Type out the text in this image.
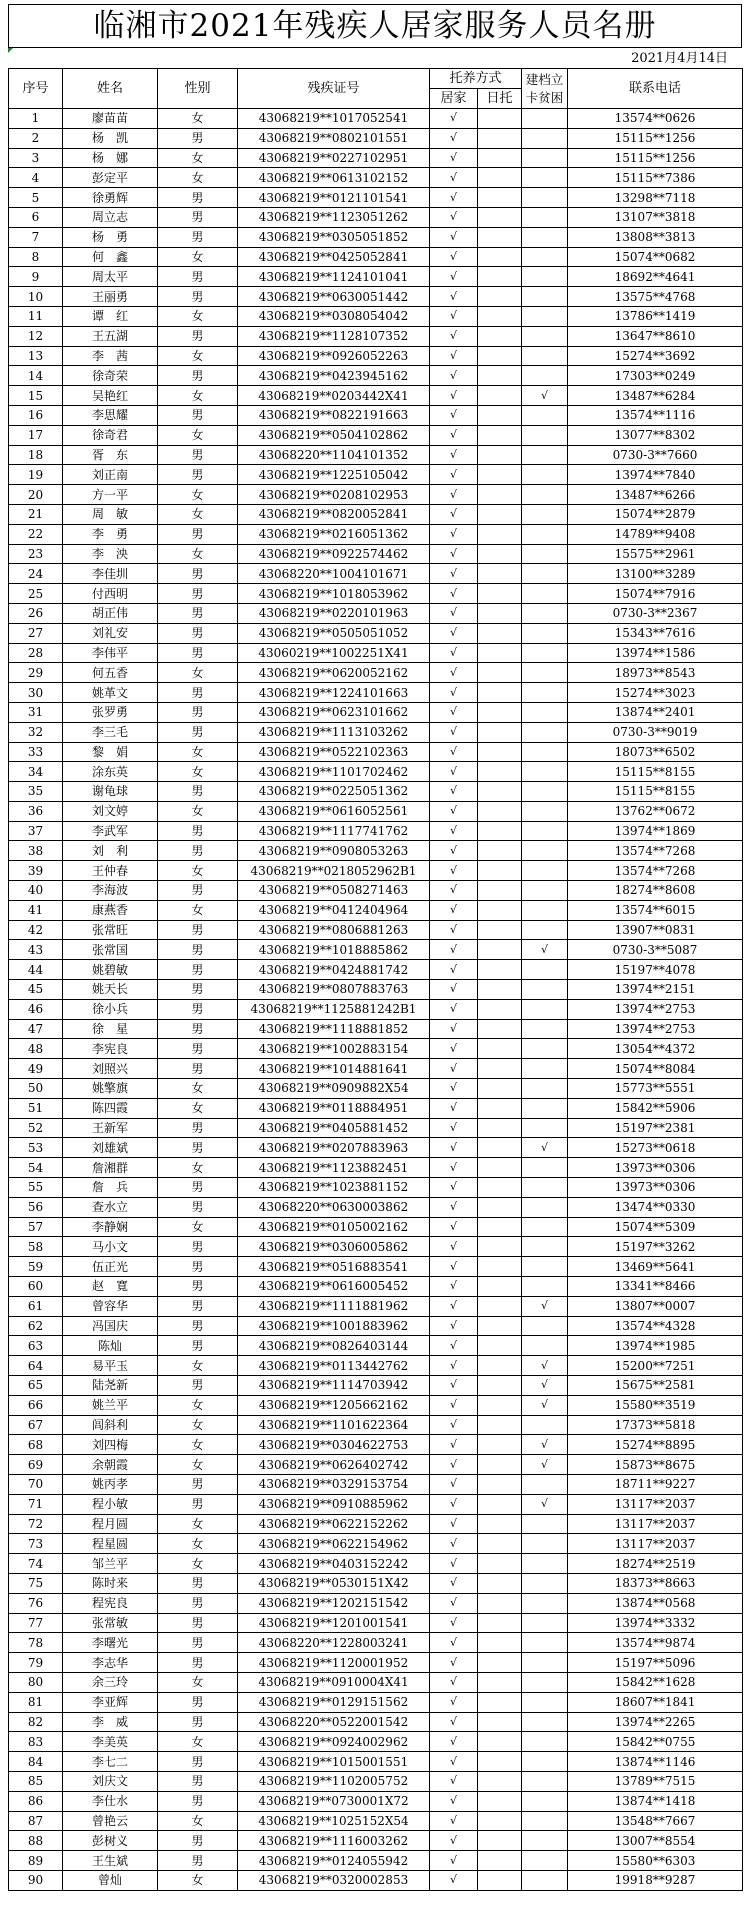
临湘市2021年残疾人居家服务人员名册
2021月4月14日
序号	姓名	性别	残疾证号	托养方式		建档立卡贫困	联系电话
				居家	日托		
1	廖苗苗	女	43068219**1017052541	√			13574**0626
2	杨　凯	男	43068219**0802101551	√			15115**1256
3	杨　娜	女	43068219**0227102951	√			15115**1256
4	彭定平	女	43068219**0613102152	√			15115**7386
5	徐勇辉	男	43068219**0121101541	√			13298**7118
6	周立志	男	43068219**1123051262	√			13107**3818
7	杨　勇	男	43068219**0305051852	√			13808**3813
8	何　鑫	女	43068219**0425052841	√			15074**0682
9	周太平	男	43068219**1124101041	√			18692**4641
10	王丽勇	男	43068219**0630051442	√			13575**4768
11	谭　红	女	43068219**0308054042	√			13786**1419
12	王五湖	男	43068219**1128107352	√			13647**8610
13	李　茜	女	43068219**0926052263	√			15274**3692
14	徐奇荣	男	43068219**0423945162	√			17303**0249
15	吴艳红	女	43068219**0203442X41	√		√	13487**6284
16	李思耀	男	43068219**0822191663	√			13574**1116
17	徐奇君	女	43068219**0504102862	√			13077**8302
18	胥　东	男	43068220**1104101352	√			0730-3**7660
19	刘正南	男	43068219**1225105042	√			13974**7840
20	方一平	女	43068219**0208102953	√			13487**6266
21	周　敏	女	43068219**0820052841	√			15074**2879
22	李　勇	男	43068219**0216051362	√			14789**9408
23	李　泱	女	43068219**0922574462	√			15575**2961
24	李佳圳	男	43068220**1004101671	√			13100**3289
25	付西明	男	43068219**1018053962	√			15074**7916
26	胡正伟	男	43068219**0220101963	√			0730-3**2367
27	刘礼安	男	43068219**0505051052	√			15343**7616
28	李伟平	男	43060219**1002251X41	√			13974**1586
29	何五香	女	43068219**0620052162	√			18973**8543
30	姚革文	男	43068219**1224101663	√			15274**3023
31	张罗勇	男	43068219**0623101662	√			13874**2401
32	李三毛	男	43068219**1113103262	√			0730-3**9019
33	黎　娟	女	43068219**0522102363	√			18073**6502
34	涂东英	女	43068219**1101702462	√			15115**8155
35	谢龟球	男	43068219**0225051362	√			15115**8155
36	刘文婷	女	43068219**0616052561	√			13762**0672
37	李武军	男	43068219**1117741762	√			13974**1869
38	刘　利	男	43068219**0908053263	√			13574**7268
39	王仲春	女	43068219**0218052962B1	√			13574**7268
40	李海波	男	43068219**0508271463	√			18274**8608
41	康燕香	女	43068219**0412404964	√			13574**6015
42	张常旺	男	43068219**0806881263	√			13907**0831
43	张常国	男	43068219**1018885862	√		√	0730-3**5087
44	姚碧敏	男	43068219**0424881742	√			15197**4078
45	姚天长	男	43068219**0807883763	√			13974**2151
46	徐小兵	男	43068219**1125881242B1	√			13974**2753
47	徐　星	男	43068219**1118881852	√			13974**2753
48	李宪良	男	43068219**1002883154	√			13054**4372
49	刘照兴	男	43068219**1014881641	√			15074**8084
50	姚擎旗	女	43068219**0909882X54	√			15773**5551
51	陈四霞	女	43068219**0118884951	√			15842**5906
52	王新军	男	43068219**0405881452	√			15197**2381
53	刘雄斌	男	43068219**0207883963	√		√	15273**0618
54	詹湘群	女	43068219**1123882451	√			13973**0306
55	詹　兵	男	43068219**1023881152	√			13973**0306
56	查水立	男	43068220**0630003862	√			13474**0330
57	李静娴	女	43068219**0105002162	√			15074**5309
58	马小文	男	43068219**0306005862	√			15197**3262
59	伍正光	男	43068219**0516883541	√			13469**5641
60	赵　寬	男	43068219**0616005452	√			13341**8466
61	曾容华	男	43068219**1111881962	√		√	13807**0007
62	冯国庆	男	43068219**1001883962	√			13574**4328
63	陈灿	男	43068219**0826403144	√			13974**1985
64	易平玉	女	43068219**0113442762	√		√	15200**7251
65	陆尧新	男	43068219**1114703942	√		√	15675**2581
66	姚兰平	女	43068219**1205662162	√		√	15580**3519
67	闾斜利	女	43068219**1101622364	√			17373**5818
68	刘四梅	女	43068219**0304622753	√		√	15274**8895
69	余朝霞	女	43068219**0626402742	√		√	15873**8675
70	姚丙孝	男	43068219**0329153754	√			18711**9227
71	程小敏	男	43068219**0910885962	√		√	13117**2037
72	程月圆	女	43068219**0622152262	√			13117**2037
73	程星圆	女	43068219**0622154962	√			13117**2037
74	邹兰平	女	43068219**0403152242	√			18274**2519
75	陈时来	男	43068219**0530151X42	√			18373**8663
76	程宪良	男	43068219**1202151542	√			13874**0568
77	张常敏	男	43068219**1201001541	√			13974**3332
78	李曙光	男	43068220**1228003241	√			13574**9874
79	李志华	男	43068219**1120001952	√			15197**5096
80	余三玲	女	43068219**0910004X41	√			15842**1628
81	李亚辉	男	43068219**0129151562	√			18607**1841
82	李　威	男	43068220**0522001542	√			13974**2265
83	李美英	女	43068219**0924002962	√			15842**0755
84	李七二	男	43068219**1015001551	√			13874**1146
85	刘庆文	男	43068219**1102005752	√			13789**7515
86	李仕水	男	43068219**0730001X72	√			13874**1418
87	曾艳云	女	43068219**1025152X54	√			13548**7667
88	彭树义	男	43068219**1116003262	√			13007**8554
89	王生斌	男	43068219**0124055942	√			15580**6303
90	曾灿	女	43068219**0320002853	√			19918**9287
